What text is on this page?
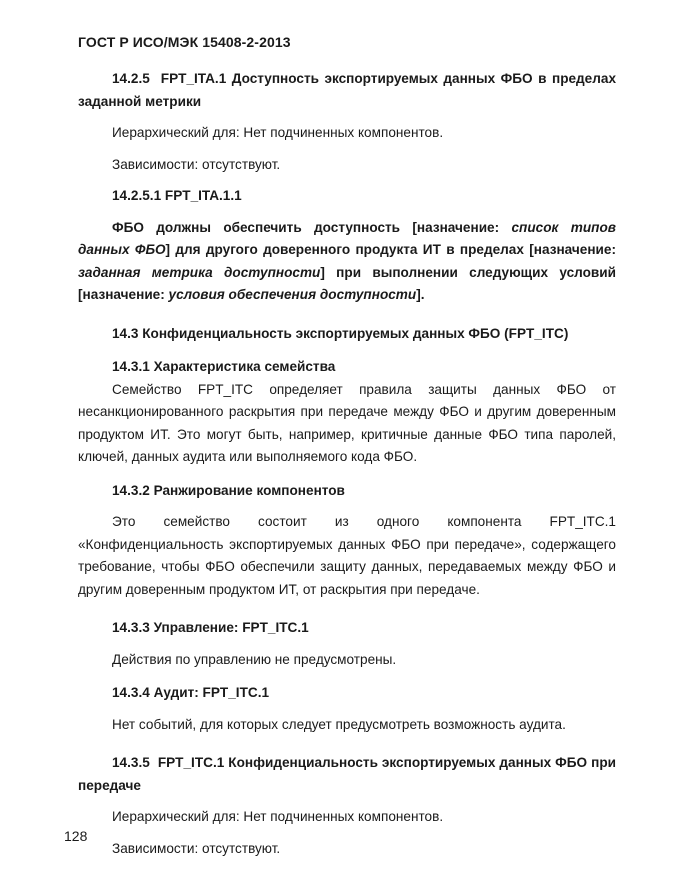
ГОСТ Р ИСО/МЭК 15408-2-2013

14.2.5 FPT_ITA.1 Доступность экспортируемых данных ФБО в пределах заданной метрики

Иерархический для: Нет подчиненных компонентов.

Зависимости: отсутствуют.

14.2.5.1 FPT_ITA.1.1

ФБО должны обеспечить доступность [назначение: список типов данных ФБО] для другого доверенного продукта ИТ в пределах [назначение: заданная метрика доступности] при выполнении следующих условий [назначение: условия обеспечения доступности].

14.3 Конфиденциальность экспортируемых данных ФБО (FPT_ITC)

14.3.1 Характеристика семейства

Семейство FPT_ITC определяет правила защиты данных ФБО от несанкционированного раскрытия при передаче между ФБО и другим доверенным продуктом ИТ. Это могут быть, например, критичные данные ФБО типа паролей, ключей, данных аудита или выполняемого кода ФБО.

14.3.2 Ранжирование компонентов

Это семейство состоит из одного компонента FPT_ITC.1 «Конфиденциальность экспортируемых данных ФБО при передаче», содержащего требование, чтобы ФБО обеспечили защиту данных, передаваемых между ФБО и другим доверенным продуктом ИТ, от раскрытия при передаче.

14.3.3 Управление: FPT_ITC.1

Действия по управлению не предусмотрены.

14.3.4 Аудит: FPT_ITC.1

Нет событий, для которых следует предусмотреть возможность аудита.

14.3.5 FPT_ITC.1 Конфиденциальность экспортируемых данных ФБО при передаче

Иерархический для: Нет подчиненных компонентов.

Зависимости: отсутствуют.

128
